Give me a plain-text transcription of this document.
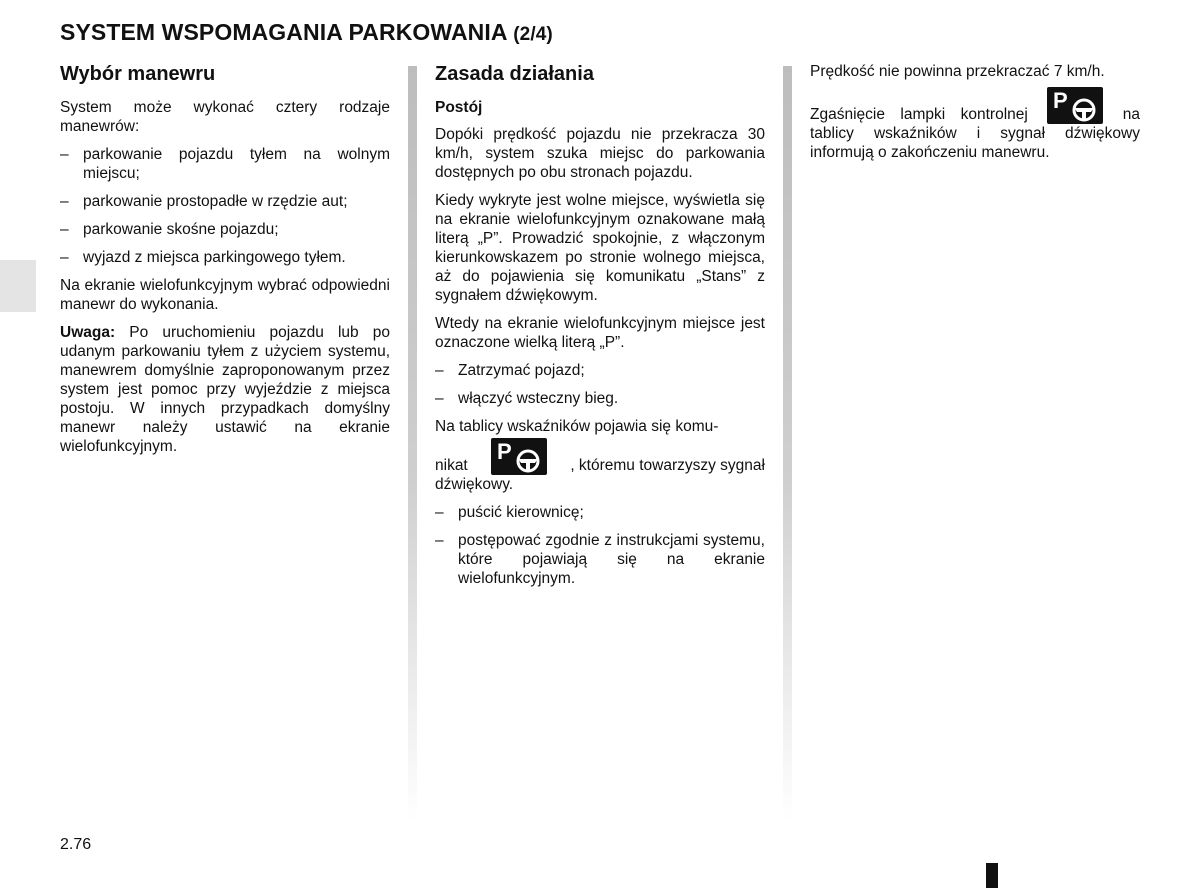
SYSTEM WSPOMAGANIA PARKOWANIA (2/4)
Wybór manewru

System może wykonać cztery rodzaje manewrów:

– parkowanie pojazdu tyłem na wolnym miejscu;
– parkowanie prostopadłe w rzędzie aut;
– parkowanie skośne pojazdu;
– wyjazd z miejsca parkingowego tyłem.

Na ekranie wielofunkcyjnym wybrać odpowiedni manewr do wykonania.

Uwaga: Po uruchomieniu pojazdu lub po udanym parkowaniu tyłem z użyciem systemu, manewrem domyślnie zaproponowanym przez system jest pomoc przy wyjeździe z miejsca postoju. W innych przypadkach domyślny manewr należy ustawić na ekranie wielofunkcyjnym.

Zasada działania
Postój

Dopóki prędkość pojazdu nie przekracza 30 km/h, system szuka miejsc do parkowania dostępnych po obu stronach pojazdu.

Kiedy wykryte jest wolne miejsce, wyświetla się na ekranie wielofunkcyjnym oznakowane małą literą „P”. Prowadzić spokojnie, z włączonym kierunkowskazem po stronie wolnego miejsca, aż do pojawienia się komunikatu „Stans” z sygnałem dźwiękowym.

Wtedy na ekranie wielofunkcyjnym miejsce jest oznaczone wielką literą „P”.

– Zatrzymać pojazd;
– włączyć wsteczny bieg.
Na tablicy wskaźników pojawia się komu-
nikat
P
, któremu towarzyszy sygnał
dźwiękowy.
– puścić kierownicę;
– postępować zgodnie z instrukcjami systemu, które pojawiają się na ekranie wielofunkcyjnym.

Prędkość nie powinna przekraczać 7 km/h.

Zgaśnięcie lampki kontrolnej
P
na tablicy wskaźników i sygnał dźwiękowy informują o zakończeniu manewru.
2.76
